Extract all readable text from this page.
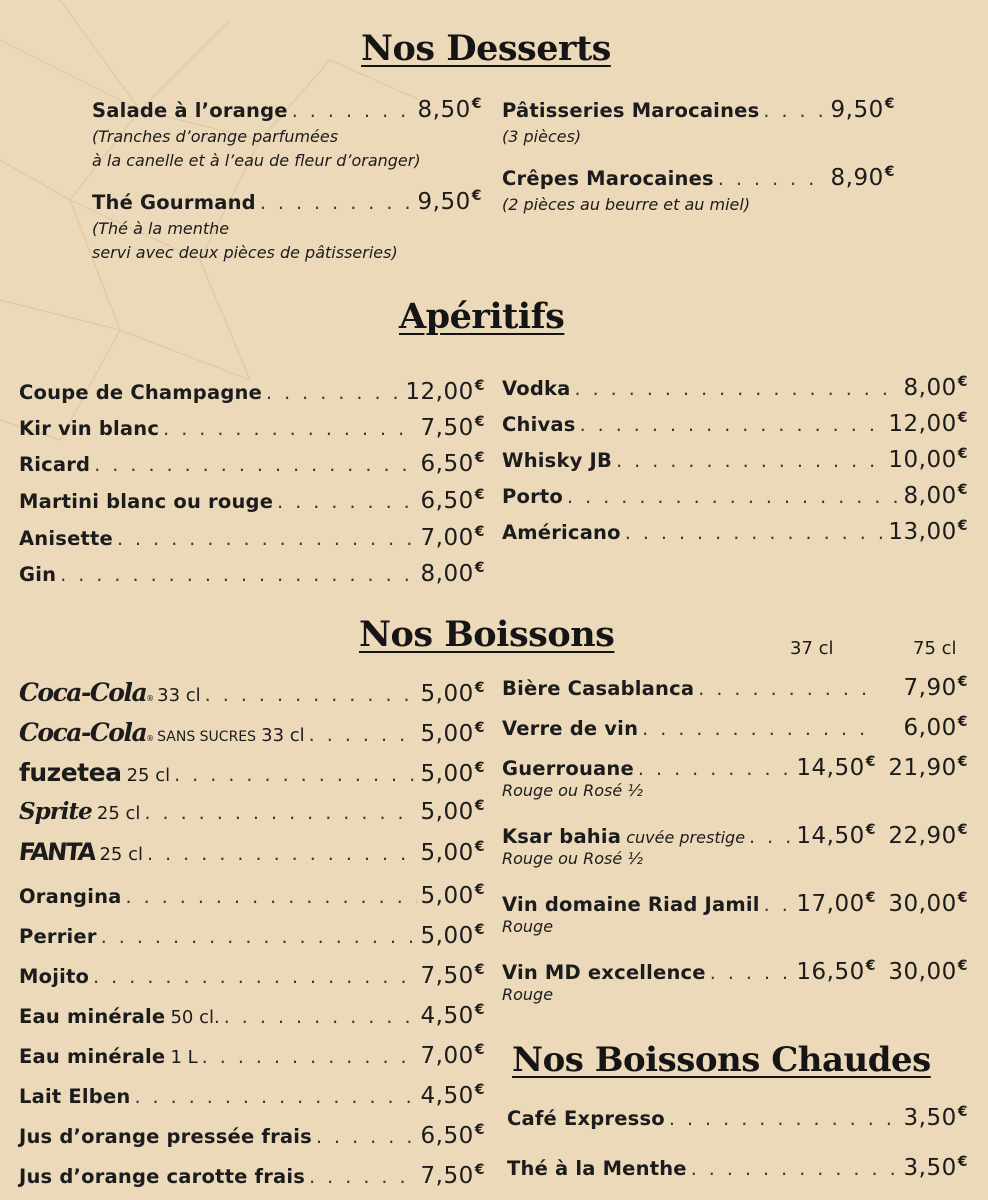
Nos Desserts
Salade à l’orange . . .	8,50€
(Tranches d’orange parfumées
à la canelle et à l’eau de fleur d’oranger)
Thé Gourmand . . .	9,50€
(Thé à la menthe
servi avec deux pièces de pâtisseries)
Pâtisseries Marocaines . . .	9,50€
(3 pièces)
Crêpes Marocaines . . .	8,90€
(2 pièces au beurre et au miel)
Apéritifs
Coupe de Champagne . . .	12,00€
Kir vin blanc . . .	7,50€
Ricard . . .	6,50€
Martini blanc ou rouge . . .	6,50€
Anisette . . .	7,00€
Gin . . .	8,00€
Vodka . . .	8,00€
Chivas . . .	12,00€
Whisky JB . . .	10,00€
Porto . . .	8,00€
Américano . . .	13,00€
Nos Boissons	37 cl	75 cl
Coca-Cola ® 33 cl . . .	5,00€
Coca-Cola ® SANS SUCRES
33 cl . . .	5,00€
fuzetea
25 cl . . .	5,00€
Sprite
25 cl . . .	5,00€
FANTA
25 cl . . .	5,00€
Orangina . . .	5,00€
Perrier . . .	5,00€
Mojito . . .	7,50€
Eau minérale
50 cl. . . .	4,50€
Eau minérale
1 L . . .	7,00€
Lait Elben . . .	4,50€
Jus d’orange pressée frais . . .	6,50€
Jus d’orange carotte frais . . .	7,50€
Bière Casablanca . . .	7,90€
Verre de vin . . .	6,00€
Guerrouane . . .	14,50€ 21,90€
Rouge ou Rosé ½
Ksar bahia
cuvée prestige . . . 14,50€ 22,90€
Rouge ou Rosé ½
Vin domaine Riad Jamil . . . 17,00€ 30,00€
Rouge
Vin MD excellence . . .	16,50€ 30,00€
Rouge
Nos Boissons Chaudes
Café Expresso . . .	3,50€
Thé à la Menthe . . .	3,50€
